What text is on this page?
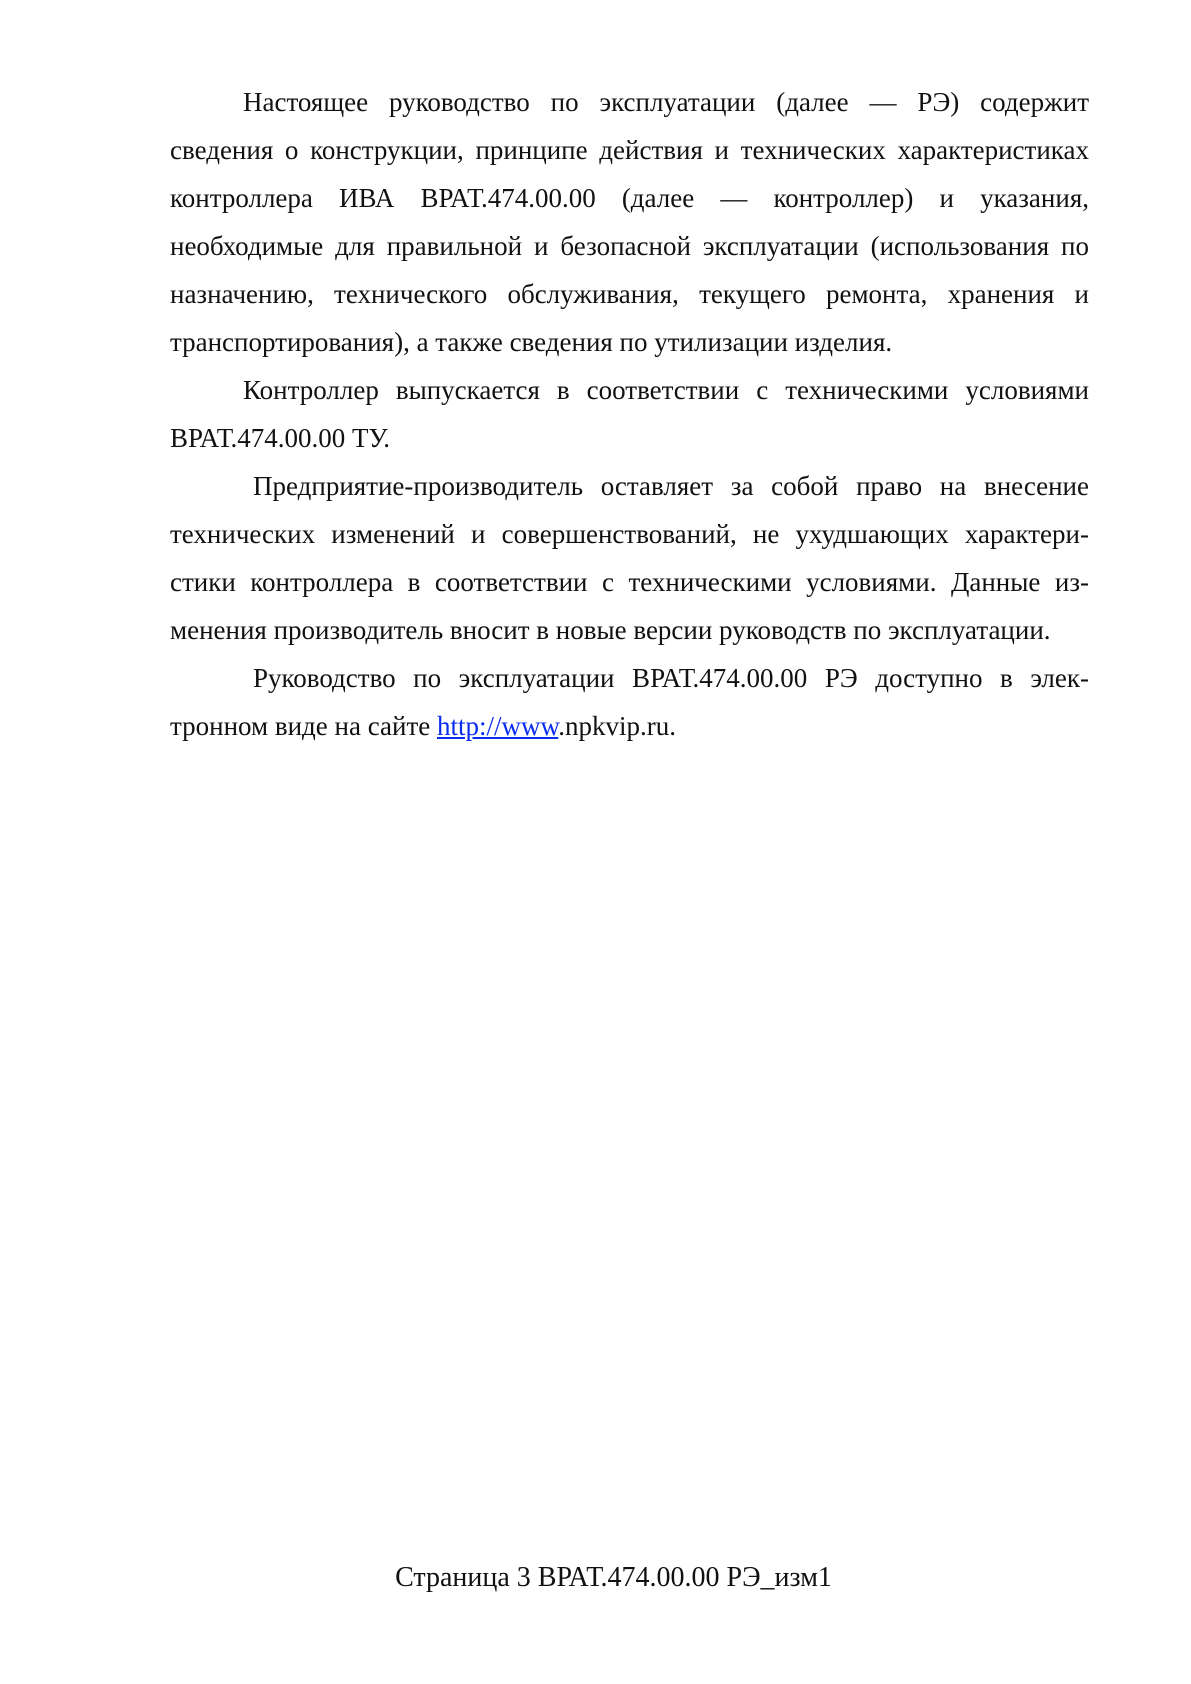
Настоящее руководство по эксплуатации (далее — РЭ) содержит сведения о конструкции, принципе действия и технических характеристиках контроллера ИВА ВРАТ.474.00.00 (далее — контроллер) и указания, необходимые для правильной и безопасной эксплуатации (использования по назначению, технического обслуживания, текущего ремонта, хранения и транспортирования), а также сведения по утилизации изделия.

Контроллер выпускается в соответствии с техническими условиями ВРАТ.474.00.00 ТУ.

Предприятие-производитель оставляет за собой право на внесение технических изменений и совершенствований, не ухудшающих характеристики контроллера в соответствии с техническими условиями. Данные изменения производитель вносит в новые версии руководств по эксплуатации.

Руководство по эксплуатации ВРАТ.474.00.00 РЭ доступно в электронном виде на сайте http://www.npkvip.ru.

Страница 3 ВРАТ.474.00.00 РЭ_изм1
